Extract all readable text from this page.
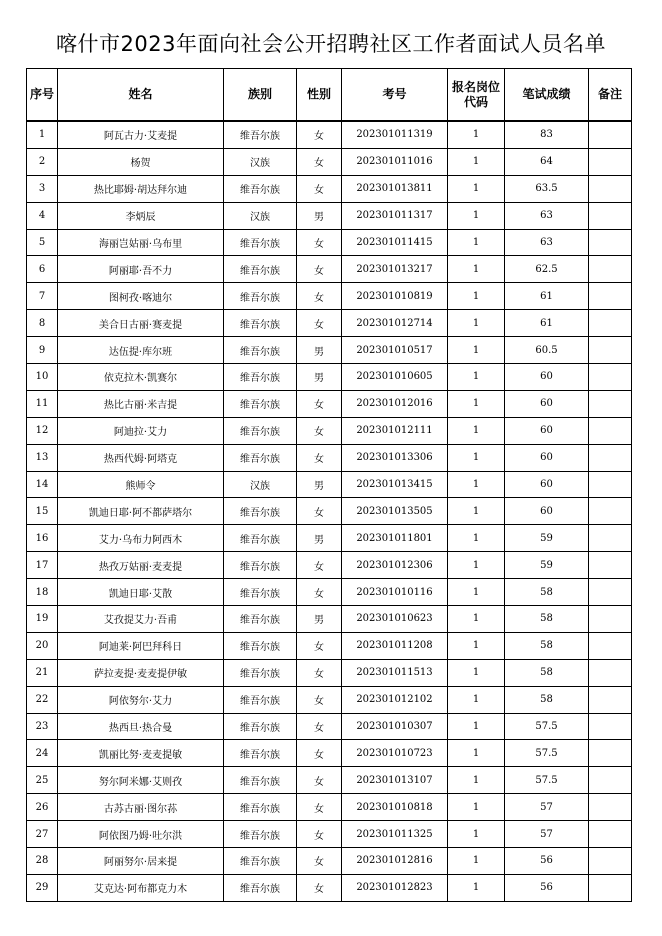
喀什市2023年面向社会公开招聘社区工作者面试人员名单
序号	姓名	族别	性别	考号	报名岗位代码	笔试成绩	备注
1	阿瓦古力·艾麦提	维吾尔族	女	202301011319	1	83	
2	杨贺	汉族	女	202301011016	1	64	
3	热比耶姆·胡达拜尔迪	维吾尔族	女	202301013811	1	63.5	
4	李炳辰	汉族	男	202301011317	1	63	
5	海丽岂姑丽·乌布里	维吾尔族	女	202301011415	1	63	
6	阿丽耶·吾不力	维吾尔族	女	202301013217	1	62.5	
7	图柯孜·喀迪尔	维吾尔族	女	202301010819	1	61	
8	美合日古丽·赛麦提	维吾尔族	女	202301012714	1	61	
9	达伍提·库尔班	维吾尔族	男	202301010517	1	60.5	
10	依克拉木·凯赛尔	维吾尔族	男	202301010605	1	60	
11	热比古丽·米吉提	维吾尔族	女	202301012016	1	60	
12	阿迪拉·艾力	维吾尔族	女	202301012111	1	60	
13	热西代姆·阿塔克	维吾尔族	女	202301013306	1	60	
14	熊师令	汉族	男	202301013415	1	60	
15	凯迪日耶·阿不都萨塔尔	维吾尔族	女	202301013505	1	60	
16	艾力·乌布力阿西木	维吾尔族	男	202301011801	1	59	
17	热孜万姑丽·麦麦提	维吾尔族	女	202301012306	1	59	
18	凯迪日耶·艾散	维吾尔族	女	202301010116	1	58	
19	艾孜提艾力·吾甫	维吾尔族	男	202301010623	1	58	
20	阿迪莱·阿巴拜科日	维吾尔族	女	202301011208	1	58	
21	萨拉麦提·麦麦提伊敏	维吾尔族	女	202301011513	1	58	
22	阿依努尔·艾力	维吾尔族	女	202301012102	1	58	
23	热西旦·热合曼	维吾尔族	女	202301010307	1	57.5	
24	凯丽比努·麦麦提敏	维吾尔族	女	202301010723	1	57.5	
25	努尔阿米娜·艾则孜	维吾尔族	女	202301013107	1	57.5	
26	古苏古丽·图尔荪	维吾尔族	女	202301010818	1	57	
27	阿依图乃姆·吐尔洪	维吾尔族	女	202301011325	1	57	
28	阿丽努尔·居来提	维吾尔族	女	202301012816	1	56	
29	艾克达·阿布都克力木	维吾尔族	女	202301012823	1	56	
